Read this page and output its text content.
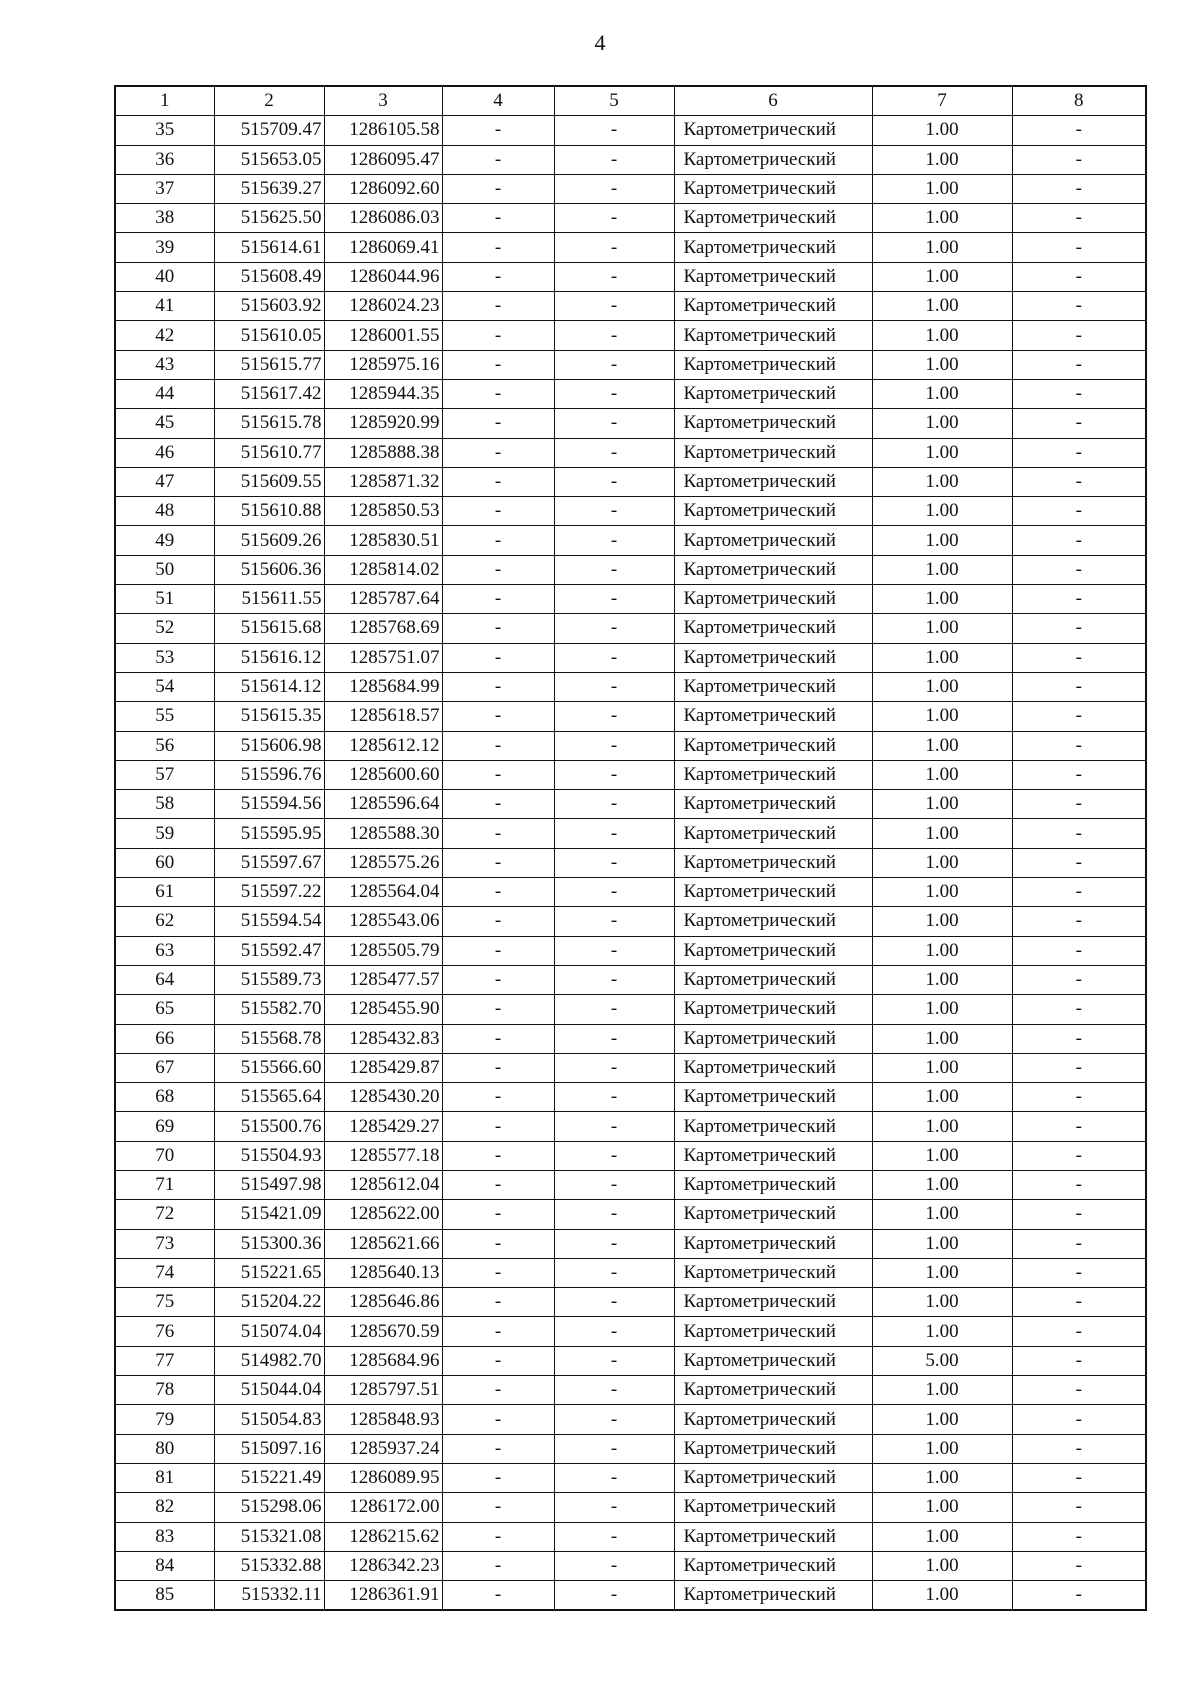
4
1	2	3	4	5	6	7	8
35	515709.47	1286105.58	-	-	Картометрический	1.00	-
36	515653.05	1286095.47	-	-	Картометрический	1.00	-
37	515639.27	1286092.60	-	-	Картометрический	1.00	-
38	515625.50	1286086.03	-	-	Картометрический	1.00	-
39	515614.61	1286069.41	-	-	Картометрический	1.00	-
40	515608.49	1286044.96	-	-	Картометрический	1.00	-
41	515603.92	1286024.23	-	-	Картометрический	1.00	-
42	515610.05	1286001.55	-	-	Картометрический	1.00	-
43	515615.77	1285975.16	-	-	Картометрический	1.00	-
44	515617.42	1285944.35	-	-	Картометрический	1.00	-
45	515615.78	1285920.99	-	-	Картометрический	1.00	-
46	515610.77	1285888.38	-	-	Картометрический	1.00	-
47	515609.55	1285871.32	-	-	Картометрический	1.00	-
48	515610.88	1285850.53	-	-	Картометрический	1.00	-
49	515609.26	1285830.51	-	-	Картометрический	1.00	-
50	515606.36	1285814.02	-	-	Картометрический	1.00	-
51	515611.55	1285787.64	-	-	Картометрический	1.00	-
52	515615.68	1285768.69	-	-	Картометрический	1.00	-
53	515616.12	1285751.07	-	-	Картометрический	1.00	-
54	515614.12	1285684.99	-	-	Картометрический	1.00	-
55	515615.35	1285618.57	-	-	Картометрический	1.00	-
56	515606.98	1285612.12	-	-	Картометрический	1.00	-
57	515596.76	1285600.60	-	-	Картометрический	1.00	-
58	515594.56	1285596.64	-	-	Картометрический	1.00	-
59	515595.95	1285588.30	-	-	Картометрический	1.00	-
60	515597.67	1285575.26	-	-	Картометрический	1.00	-
61	515597.22	1285564.04	-	-	Картометрический	1.00	-
62	515594.54	1285543.06	-	-	Картометрический	1.00	-
63	515592.47	1285505.79	-	-	Картометрический	1.00	-
64	515589.73	1285477.57	-	-	Картометрический	1.00	-
65	515582.70	1285455.90	-	-	Картометрический	1.00	-
66	515568.78	1285432.83	-	-	Картометрический	1.00	-
67	515566.60	1285429.87	-	-	Картометрический	1.00	-
68	515565.64	1285430.20	-	-	Картометрический	1.00	-
69	515500.76	1285429.27	-	-	Картометрический	1.00	-
70	515504.93	1285577.18	-	-	Картометрический	1.00	-
71	515497.98	1285612.04	-	-	Картометрический	1.00	-
72	515421.09	1285622.00	-	-	Картометрический	1.00	-
73	515300.36	1285621.66	-	-	Картометрический	1.00	-
74	515221.65	1285640.13	-	-	Картометрический	1.00	-
75	515204.22	1285646.86	-	-	Картометрический	1.00	-
76	515074.04	1285670.59	-	-	Картометрический	1.00	-
77	514982.70	1285684.96	-	-	Картометрический	5.00	-
78	515044.04	1285797.51	-	-	Картометрический	1.00	-
79	515054.83	1285848.93	-	-	Картометрический	1.00	-
80	515097.16	1285937.24	-	-	Картометрический	1.00	-
81	515221.49	1286089.95	-	-	Картометрический	1.00	-
82	515298.06	1286172.00	-	-	Картометрический	1.00	-
83	515321.08	1286215.62	-	-	Картометрический	1.00	-
84	515332.88	1286342.23	-	-	Картометрический	1.00	-
85	515332.11	1286361.91	-	-	Картометрический	1.00	-
